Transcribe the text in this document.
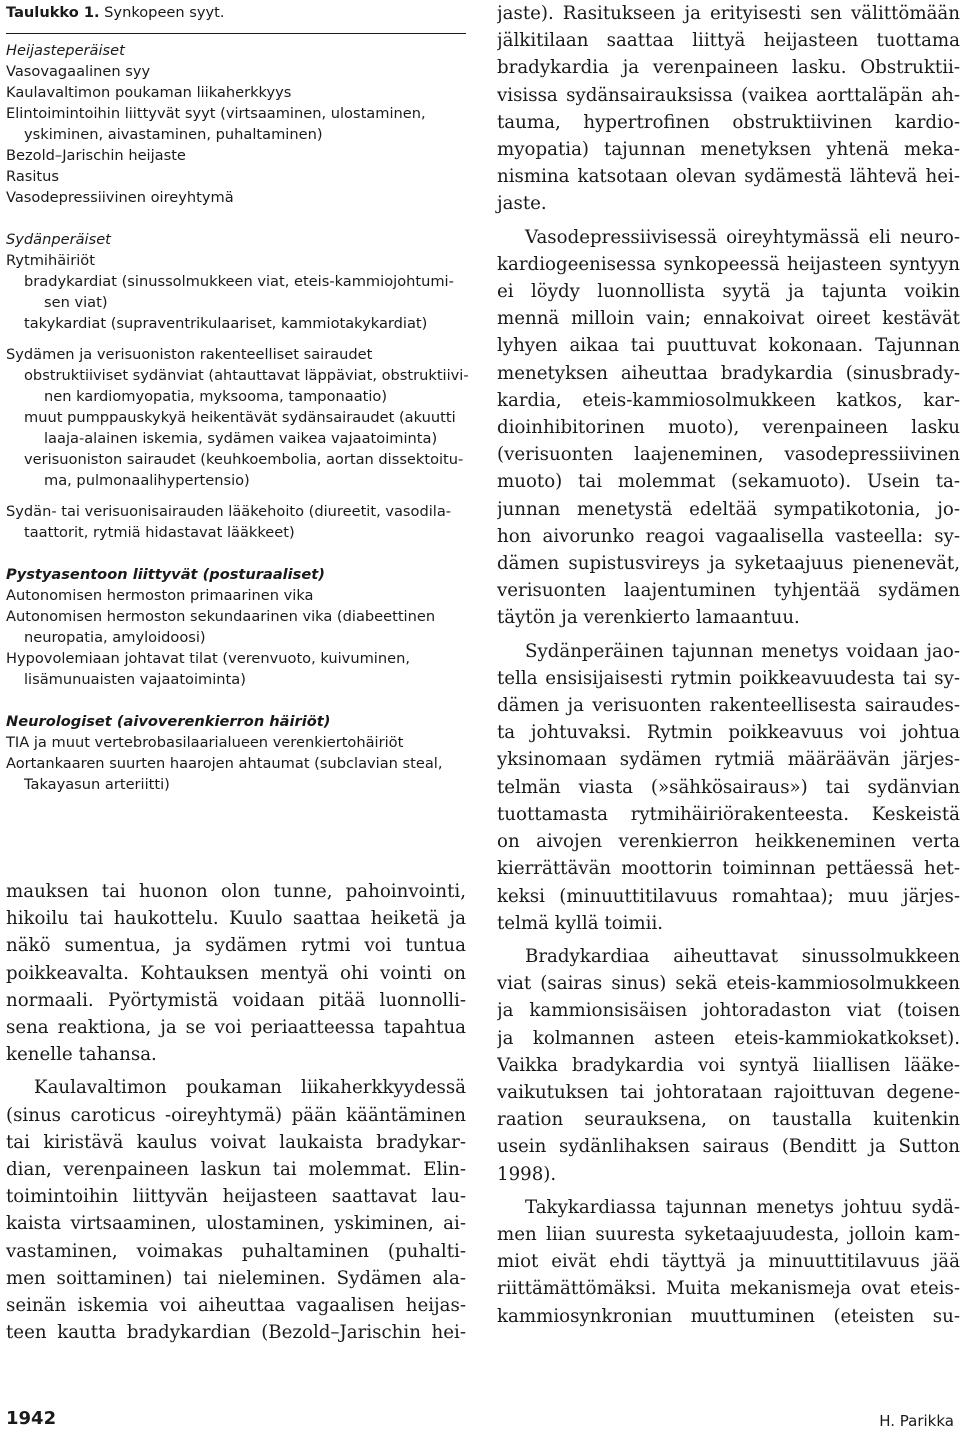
Taulukko 1. Synkopeen syyt.
Heijasteperäiset
Vasovagaalinen syy
Kaulavaltimon poukaman liikaherkkyys
Elintoimintoihin liittyvät syyt (virtsaaminen, ulostaminen,
yskiminen, aivastaminen, puhaltaminen)
Bezold–Jarischin heijaste
Rasitus
Vasodepressiivinen oireyhtymä
Sydänperäiset
Rytmihäiriöt
bradykardiat (sinussolmukkeen viat, eteis-kammiojohtumi-
sen viat)
takykardiat (supraventrikulaariset, kammiotakykardiat)
Sydämen ja verisuoniston rakenteelliset sairaudet
obstruktiiviset sydänviat (ahtauttavat läppäviat, obstruktiivi-
nen kardiomyopatia, myksooma, tamponaatio)
muut pumppauskykyä heikentävät sydänsairaudet (akuutti
laaja-alainen iskemia, sydämen vaikea vajaatoiminta)
verisuoniston sairaudet (keuhkoembolia, aortan dissektoitu-
ma, pulmonaalihypertensio)
Sydän- tai verisuonisairauden lääkehoito (diureetit, vasodila-
taattorit, rytmiä hidastavat lääkkeet)
Pystyasentoon liittyvät (posturaaliset)
Autonomisen hermoston primaarinen vika
Autonomisen hermoston sekundaarinen vika (diabeettinen
neuropatia, amyloidoosi)
Hypovolemiaan johtavat tilat (verenvuoto, kuivuminen,
lisämunuaisten vajaatoiminta)
Neurologiset (aivoverenkierron häiriöt)
TIA ja muut vertebrobasilaarialueen verenkiertohäiriöt
Aortankaaren suurten haarojen ahtaumat (subclavian steal,
Takayasun arteriitti)
mauksen tai huonon olon tunne, pahoinvointi,
hikoilu tai haukottelu. Kuulo saattaa heiketä ja
näkö sumentua, ja sydämen rytmi voi tuntua
poikkeavalta. Kohtauksen mentyä ohi vointi on
normaali. Pyörtymistä voidaan pitää luonnolli-
sena reaktiona, ja se voi periaatteessa tapahtua
kenelle tahansa.
Kaulavaltimon poukaman liikaherkkyydessä
(sinus caroticus -oireyhtymä) pään kääntäminen
tai kiristävä kaulus voivat laukaista bradykar-
dian, verenpaineen laskun tai molemmat. Elin-
toimintoihin liittyvän heijasteen saattavat lau-
kaista virtsaaminen, ulostaminen, yskiminen, ai-
vastaminen, voimakas puhaltaminen (puhalti-
men soittaminen) tai nieleminen. Sydämen ala-
seinän iskemia voi aiheuttaa vagaalisen heijas-
teen kautta bradykardian (Bezold–Jarischin hei-
jaste). Rasitukseen ja erityisesti sen välittömään
jälkitilaan saattaa liittyä heijasteen tuottama
bradykardia ja verenpaineen lasku. Obstruktii-
visissa sydänsairauksissa (vaikea aorttaläpän ah-
tauma, hypertrofinen obstruktiivinen kardio-
myopatia) tajunnan menetyksen yhtenä meka-
nismina katsotaan olevan sydämestä lähtevä hei-
jaste.
Vasodepressiivisessä oireyhtymässä eli neuro-
kardiogeenisessa synkopeessä heijasteen syntyyn
ei löydy luonnollista syytä ja tajunta voikin
mennä milloin vain; ennakoivat oireet kestävät
lyhyen aikaa tai puuttuvat kokonaan. Tajunnan
menetyksen aiheuttaa bradykardia (sinusbrady-
kardia, eteis-kammiosolmukkeen katkos, kar-
dioinhibitorinen muoto), verenpaineen lasku
(verisuonten laajeneminen, vasodepressiivinen
muoto) tai molemmat (sekamuoto). Usein ta-
junnan menetystä edeltää sympatikotonia, jo-
hon aivorunko reagoi vagaalisella vasteella: sy-
dämen supistusvireys ja syketaajuus pienenevät,
verisuonten laajentuminen tyhjentää sydämen
täytön ja verenkierto lamaantuu.
Sydänperäinen tajunnan menetys voidaan jao-
tella ensisijaisesti rytmin poikkeavuudesta tai sy-
dämen ja verisuonten rakenteellisesta sairaudes-
ta johtuvaksi. Rytmin poikkeavuus voi johtua
yksinomaan sydämen rytmiä määräävän järjes-
telmän viasta (»sähkösairaus») tai sydänvian
tuottamasta rytmihäiriörakenteesta. Keskeistä
on aivojen verenkierron heikkeneminen verta
kierrättävän moottorin toiminnan pettäessä het-
keksi (minuuttitilavuus romahtaa); muu järjes-
telmä kyllä toimii.
Bradykardiaa aiheuttavat sinussolmukkeen
viat (sairas sinus) sekä eteis-kammiosolmukkeen
ja kammionsisäisen johtoradaston viat (toisen
ja kolmannen asteen eteis-kammiokatkokset).
Vaikka bradykardia voi syntyä liiallisen lääke-
vaikutuksen tai johtorataan rajoittuvan degene-
raation seurauksena, on taustalla kuitenkin
usein sydänlihaksen sairaus (Benditt ja Sutton
1998).
Takykardiassa tajunnan menetys johtuu sydä-
men liian suuresta syketaajuudesta, jolloin kam-
miot eivät ehdi täyttyä ja minuuttitilavuus jää
riittämättömäksi. Muita mekanismeja ovat eteis-
kammiosynkronian muuttuminen (eteisten su-
1942	H. Parikka
